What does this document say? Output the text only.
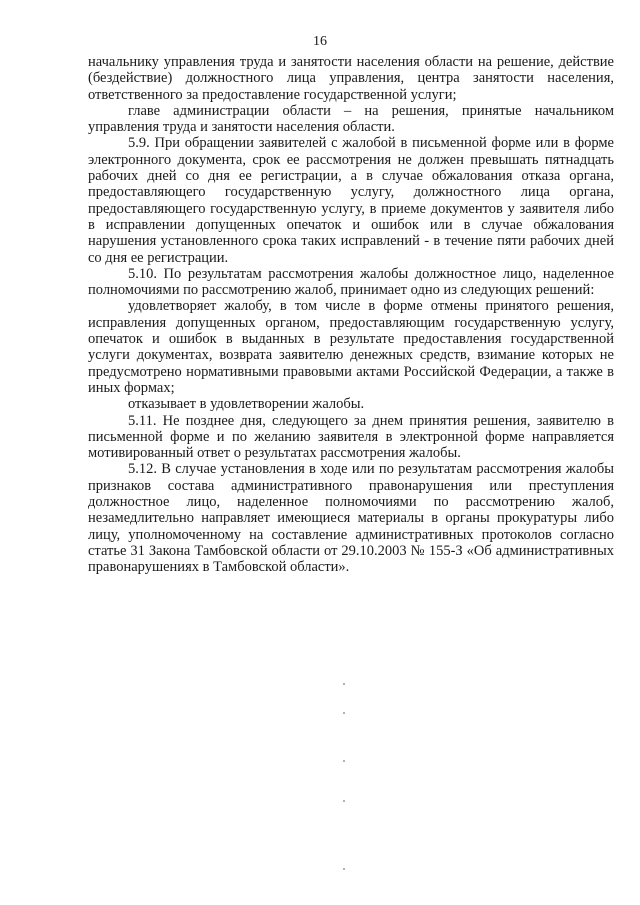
16

начальнику управления труда и занятости населения области на решение, действие (бездействие) должностного лица управления, центра занятости населения, ответственного за предоставление государственной услуги;

главе администрации области – на решения, принятые начальником управления труда и занятости населения области.

5.9. При обращении заявителей с жалобой в письменной форме или в форме электронного документа, срок ее рассмотрения не должен превышать пятнадцать рабочих дней со дня ее регистрации, а в случае обжалования отказа органа, предоставляющего государственную услугу, должностного лица органа, предоставляющего государственную услугу, в приеме документов у заявителя либо в исправлении допущенных опечаток и ошибок или в случае обжалования нарушения установленного срока таких исправлений - в течение пяти рабочих дней со дня ее регистрации.

5.10. По результатам рассмотрения жалобы должностное лицо, наделенное полномочиями по рассмотрению жалоб, принимает одно из следующих решений:

удовлетворяет жалобу, в том числе в форме отмены принятого решения, исправления допущенных органом, предоставляющим государственную услугу, опечаток и ошибок в выданных в результате предоставления государственной услуги документах, возврата заявителю денежных средств, взимание которых не предусмотрено нормативными правовыми актами Российской Федерации, а также в иных формах;

отказывает в удовлетворении жалобы.

5.11. Не позднее дня, следующего за днем принятия решения, заявителю в письменной форме и по желанию заявителя в электронной форме направляется мотивированный ответ о результатах рассмотрения жалобы.

5.12. В случае установления в ходе или по результатам рассмотрения жалобы признаков состава административного правонарушения или преступления должностное лицо, наделенное полномочиями по рассмотрению жалоб, незамедлительно направляет имеющиеся материалы в органы прокуратуры либо лицу, уполномоченному на составление административных протоколов согласно статье 31 Закона Тамбовской области от 29.10.2003 № 155-З «Об административных правонарушениях в Тамбовской области».
